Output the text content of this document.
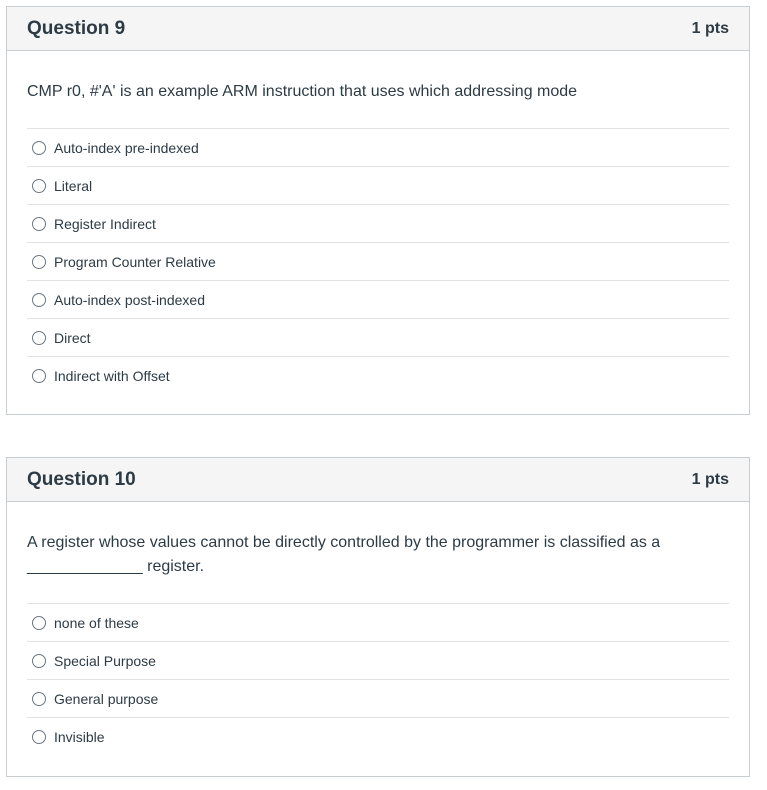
Question 9	1 pts
CMP r0, #'A' is an example ARM instruction that uses which addressing mode
Auto-index pre-indexed
Literal
Register Indirect
Program Counter Relative
Auto-index post-indexed
Direct
Indirect with Offset
Question 10	1 pts
A register whose values cannot be directly controlled by the programmer is classified as a
_____________ register.
none of these
Special Purpose
General purpose
Invisible
